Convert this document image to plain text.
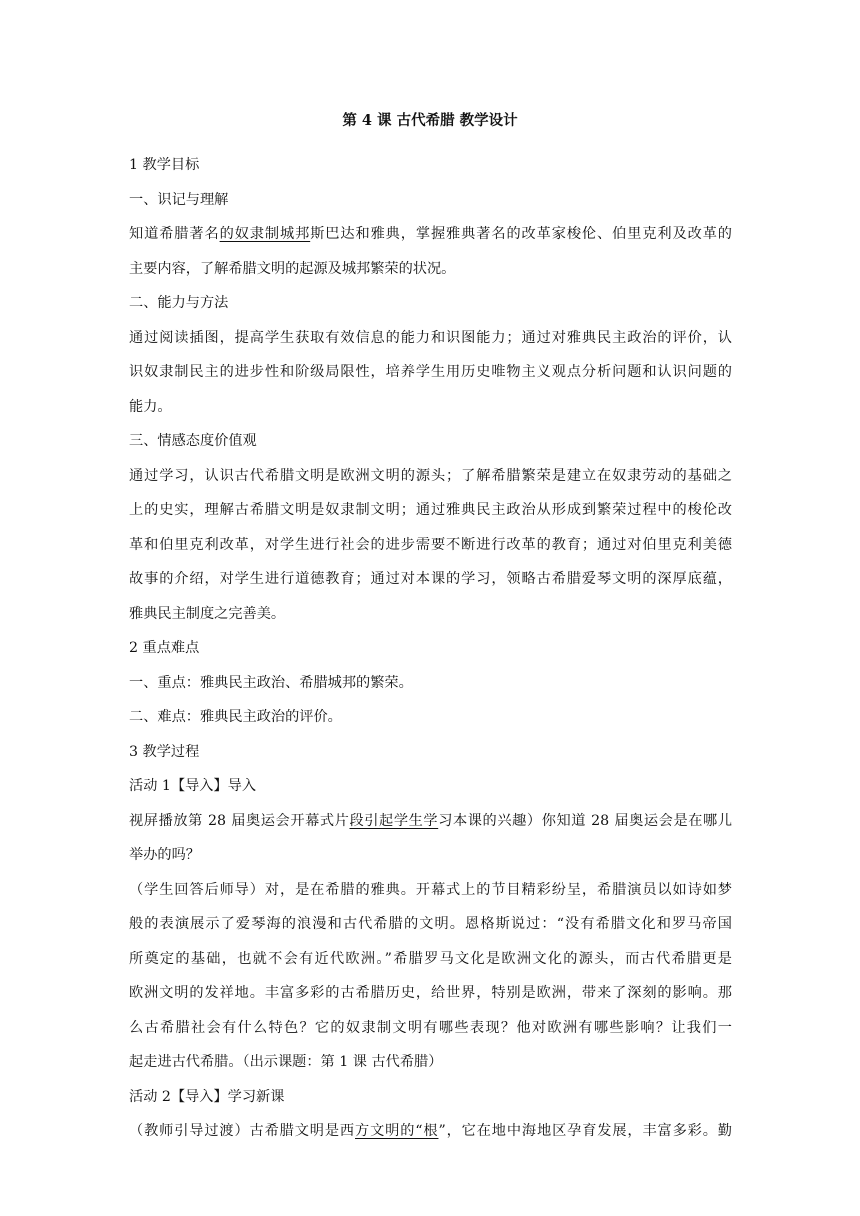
第 4 课 古代希腊 教学设计
1 教学目标
一、识记与理解
知道希腊著名的奴隶制城邦斯巴达和雅典，掌握雅典著名的改革家梭伦、伯里克利及改革的
主要内容，了解希腊文明的起源及城邦繁荣的状况。
二、能力与方法
通过阅读插图，提高学生获取有效信息的能力和识图能力；通过对雅典民主政治的评价，认
识奴隶制民主的进步性和阶级局限性，培养学生用历史唯物主义观点分析问题和认识问题的
能力。
三、情感态度价值观
通过学习，认识古代希腊文明是欧洲文明的源头；了解希腊繁荣是建立在奴隶劳动的基础之
上的史实，理解古希腊文明是奴隶制文明；通过雅典民主政治从形成到繁荣过程中的梭伦改
革和伯里克利改革，对学生进行社会的进步需要不断进行改革的教育；通过对伯里克利美德
故事的介绍，对学生进行道德教育；通过对本课的学习，领略古希腊爱琴文明的深厚底蕴，
雅典民主制度之完善美。
2 重点难点
一、重点：雅典民主政治、希腊城邦的繁荣。
二、难点：雅典民主政治的评价。
3 教学过程
活动 1【导入】导入
视屏播放第 28 届奥运会开幕式片段引起学生学习本课的兴趣）你知道 28 届奥运会是在哪儿
举办的吗？
（学生回答后师导）对，是在希腊的雅典。开幕式上的节目精彩纷呈，希腊演员以如诗如梦
般的表演展示了爱琴海的浪漫和古代希腊的文明。恩格斯说过：“没有希腊文化和罗马帝国
所奠定的基础，也就不会有近代欧洲。”希腊罗马文化是欧洲文化的源头，而古代希腊更是
欧洲文明的发祥地。丰富多彩的古希腊历史，给世界，特别是欧洲，带来了深刻的影响。那
么古希腊社会有什么特色？它的奴隶制文明有哪些表现？他对欧洲有哪些影响？让我们一
起走进古代希腊。（出示课题：第 1 课 古代希腊）
活动 2【导入】学习新课
（教师引导过渡）古希腊文明是西方文明的“根”，它在地中海地区孕育发展，丰富多彩。勤
